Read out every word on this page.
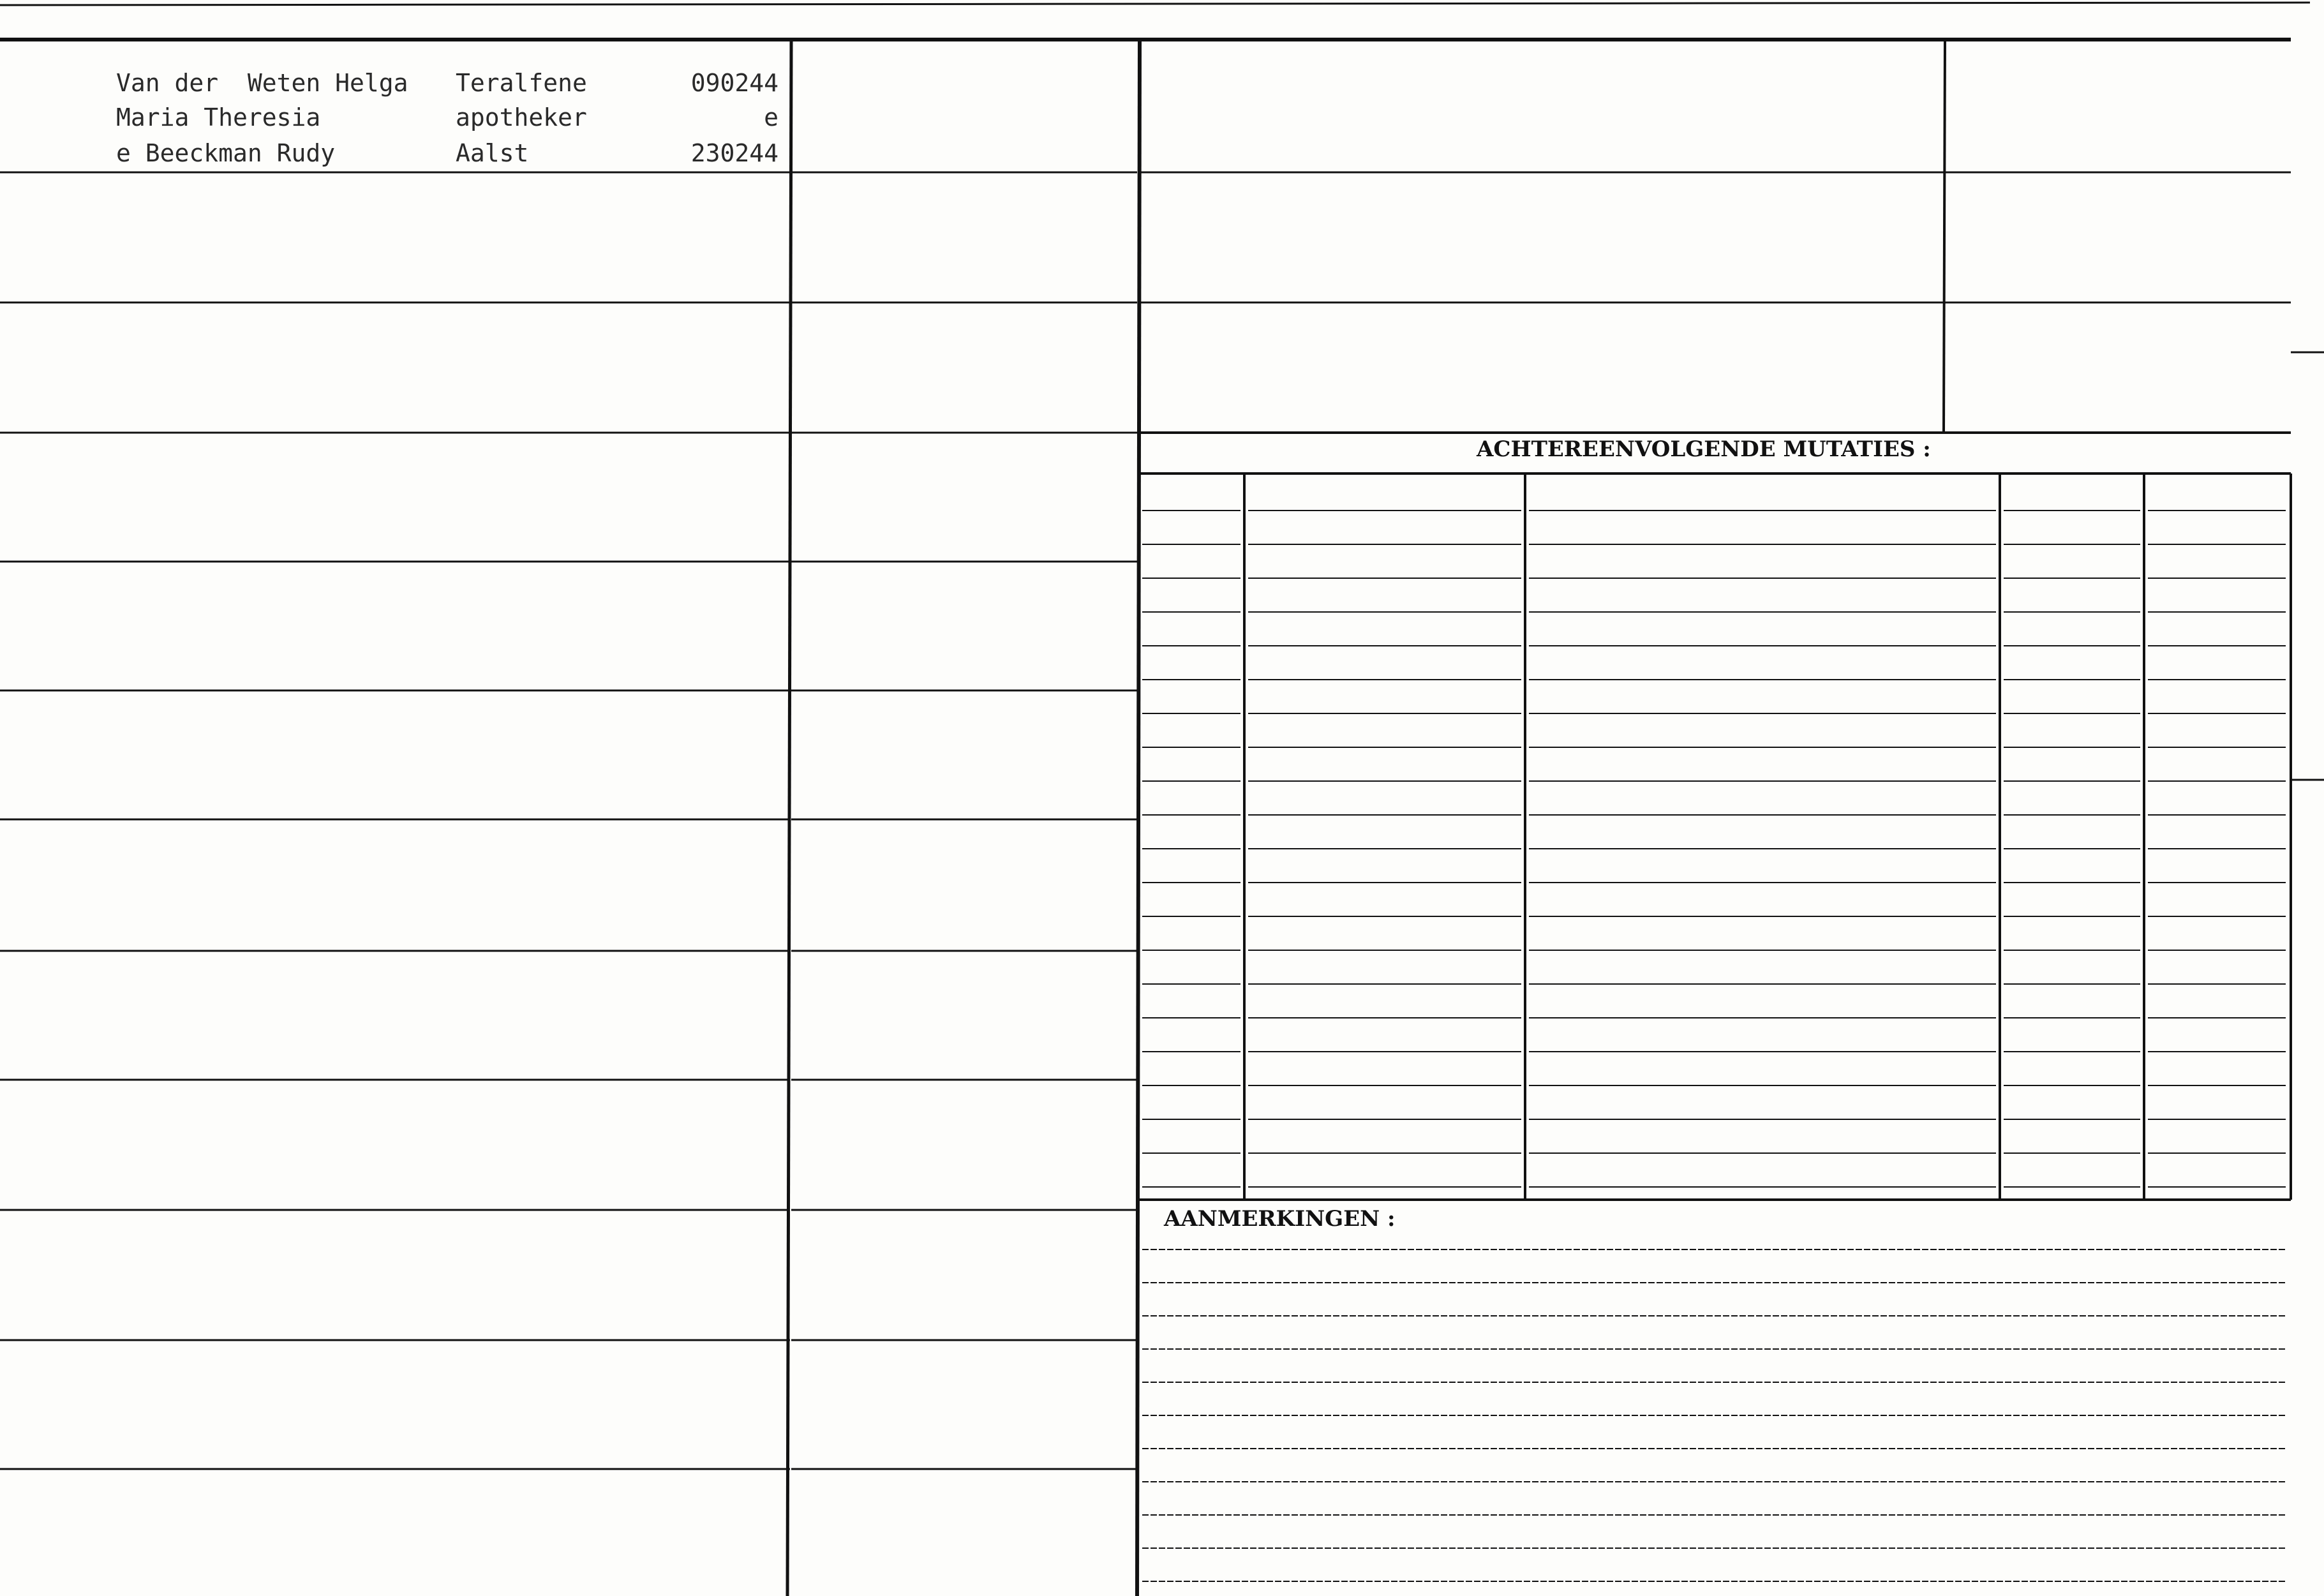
Van der  Weten Helga

Maria Theresia

e Beeckman Rudy

Teralfene

apotheker

Aalst

090244

e

230244

ACHTEREENVOLGENDE MUTATIES :

AANMERKINGEN :
